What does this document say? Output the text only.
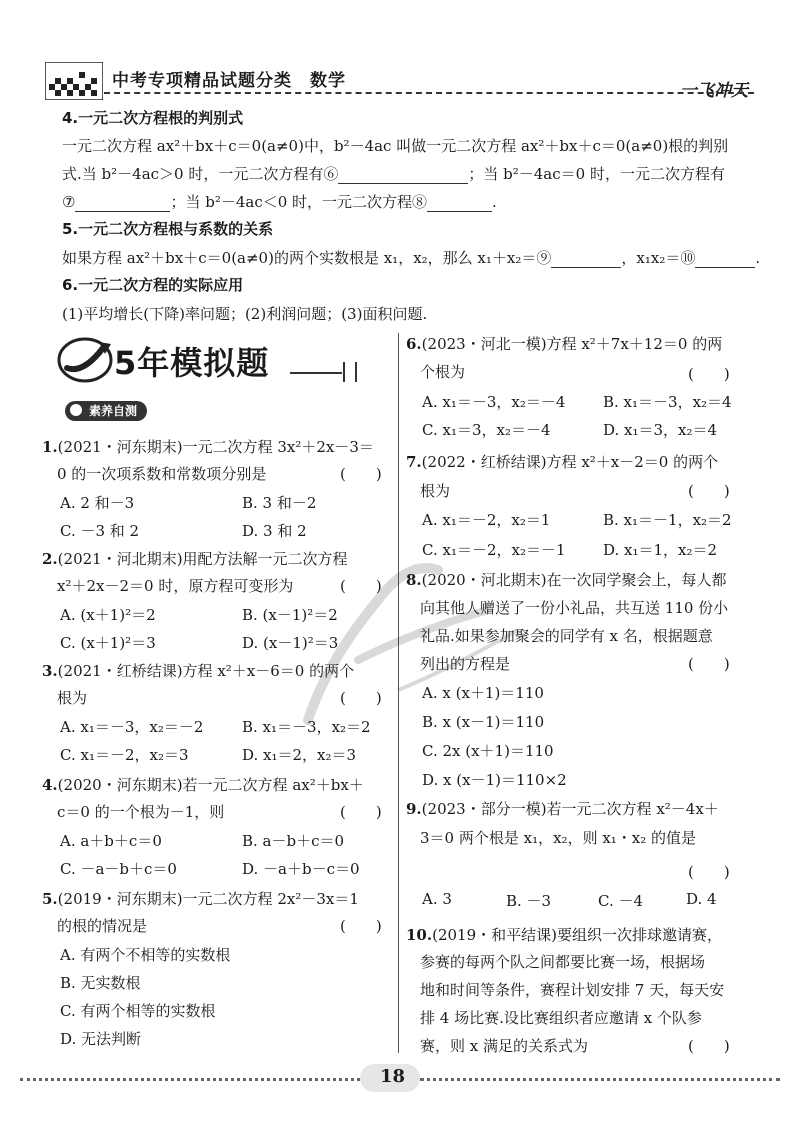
中考专项精品试题分类　数学	一飞冲天
4.一元二次方程根的判别式
一元二次方程 ax²＋bx＋c＝0(a≠0)中，b²－4ac 叫做一元二次方程 ax²＋bx＋c＝0(a≠0)根的判别
式.当 b²－4ac＞0 时，一元二次方程有⑥	；当 b²－4ac＝0 时，一元二次方程有
⑦	；当 b²－4ac＜0 时，一元二次方程⑧	.
5.一元二次方程根与系数的关系
如果方程 ax²＋bx＋c＝0(a≠0)的两个实数根是 x₁，x₂，那么 x₁＋x₂＝⑨	，x₁x₂＝⑩	.
6.一元二次方程的实际应用
(1)平均增长(下降)率问题；(2)利润问题；(3)面积问题.
5年模拟题
素养自测
1.(2021・河东期末)一元二次方程 3x²＋2x－3＝
0 的一次项系数和常数项分别是	(　　)
A. 2 和－3	B. 3 和－2
C. －3 和 2	D. 3 和 2
2.(2021・河北期末)用配方法解一元二次方程
x²＋2x－2＝0 时，原方程可变形为	(　　)
A. (x＋1)²＝2	B. (x－1)²＝2
C. (x＋1)²＝3	D. (x－1)²＝3
3.(2021・红桥结课)方程 x²＋x－6＝0 的两个
根为	(　　)
A. x₁＝－3，x₂＝－2	B. x₁＝－3，x₂＝2
C. x₁＝－2，x₂＝3	D. x₁＝2，x₂＝3
4.(2020・河东期末)若一元二次方程 ax²＋bx＋
c＝0 的一个根为－1，则	(　　)
A. a＋b＋c＝0	B. a－b＋c＝0
C. －a－b＋c＝0	D. －a＋b－c＝0
5.(2019・河东期末)一元二次方程 2x²－3x＝1
的根的情况是	(　　)
A. 有两个不相等的实数根
B. 无实数根
C. 有两个相等的实数根
D. 无法判断
6.(2023・河北一模)方程 x²＋7x＋12＝0 的两
个根为	(　　)
A. x₁＝－3，x₂＝－4	B. x₁＝－3，x₂＝4
C. x₁＝3，x₂＝－4	D. x₁＝3，x₂＝4
7.(2022・红桥结课)方程 x²＋x－2＝0 的两个
根为	(　　)
A. x₁＝－2，x₂＝1	B. x₁＝－1，x₂＝2
C. x₁＝－2，x₂＝－1 D. x₁＝1，x₂＝2
8.(2020・河北期末)在一次同学聚会上，每人都
向其他人赠送了一份小礼品，共互送 110 份小
礼品.如果参加聚会的同学有 x 名，根据题意
列出的方程是	(　　)
A. x (x＋1)＝110
B. x (x－1)＝110
C. 2x (x＋1)＝110
D. x (x－1)＝110×2
9.(2023・部分一模)若一元二次方程 x²－4x＋
3＝0 两个根是 x₁，x₂，则 x₁・x₂ 的值是
(　　)
A. 3	B. －3	C. －4	D. 4
10.(2019・和平结课)要组织一次排球邀请赛，
参赛的每两个队之间都要比赛一场，根据场
地和时间等条件，赛程计划安排 7 天，每天安
排 4 场比赛.设比赛组织者应邀请 x 个队参
赛，则 x 满足的关系式为	(　　)
18
